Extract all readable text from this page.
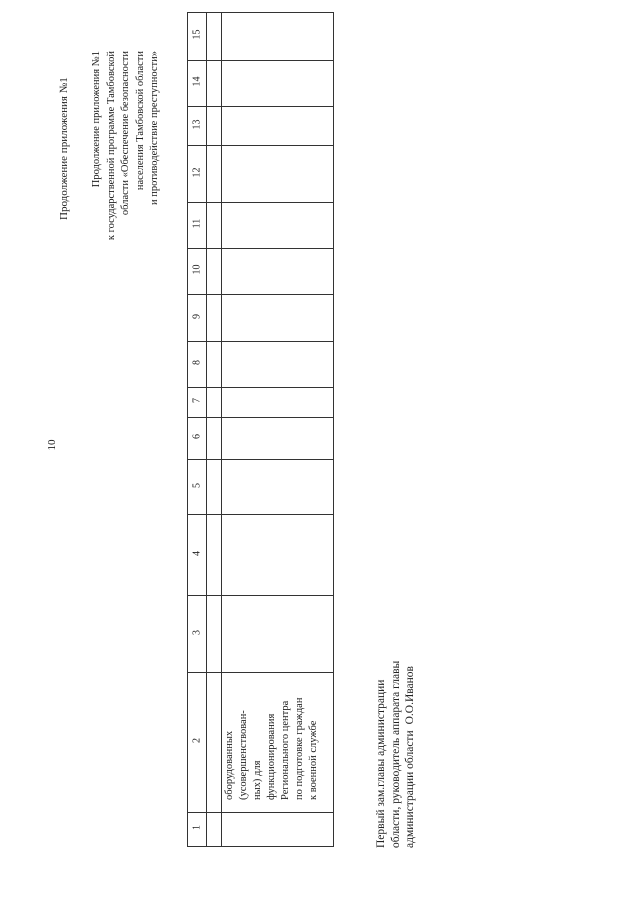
10
Продолжение приложения №1 Продолжение приложения №1 к государственной программе Тамбовской области «Обеспечение безопасности населения Тамбовской области и противодействие преступности»
15
14
13
12
11
10
9
8
7
6
5
4
3
2
1
оборудованных (усовершенствован- ных) для функционирования Регионального центра по подготовке граждан к военной службе	Первый зам.главы администрации области, руководитель аппарата главы администрации областиО.О.Иванов
